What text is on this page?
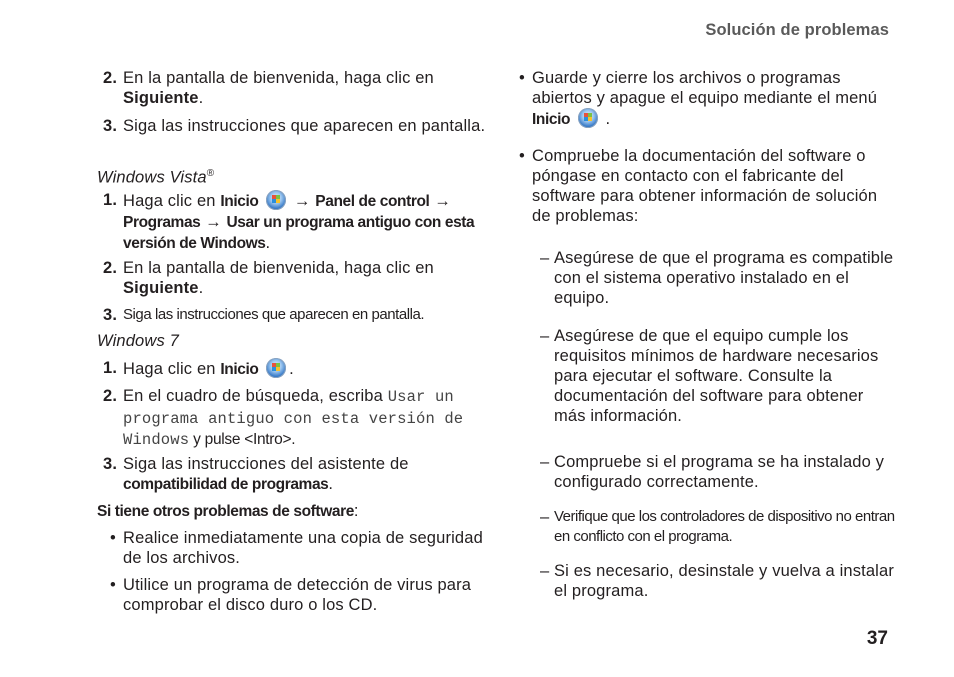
Solución de problemas
2. En la pantalla de bienvenida, haga clic en Siguiente.
3. Siga las instrucciones que aparecen en pantalla.
Windows Vista®
1. Haga clic en Inicio  → Panel de control → Programas → Usar un programa antiguo con esta versión de Windows.
2. En la pantalla de bienvenida, haga clic en Siguiente.
3. Siga las instrucciones que aparecen en pantalla.
Windows 7
1. Haga clic en Inicio .
2. En el cuadro de búsqueda, escriba Usar un programa antiguo con esta versión de Windows y pulse <Intro>.
3. Siga las instrucciones del asistente de compatibilidad de programas.
Si tiene otros problemas de software:
• Realice inmediatamente una copia de seguridad de los archivos.
• Utilice un programa de detección de virus para comprobar el disco duro o los CD.
• Guarde y cierre los archivos o programas abiertos y apague el equipo mediante el menú Inicio  .
• Compruebe la documentación del software o póngase en contacto con el fabricante del software para obtener información de solución de problemas:
– Asegúrese de que el programa es compatible con el sistema operativo instalado en el equipo.
– Asegúrese de que el equipo cumple los requisitos mínimos de hardware necesarios para ejecutar el software. Consulte la documentación del software para obtener más información.
– Compruebe si el programa se ha instalado y configurado correctamente.
– Verifique que los controladores de dispositivo no entran en conflicto con el programa.
– Si es necesario, desinstale y vuelva a instalar el programa.
37
